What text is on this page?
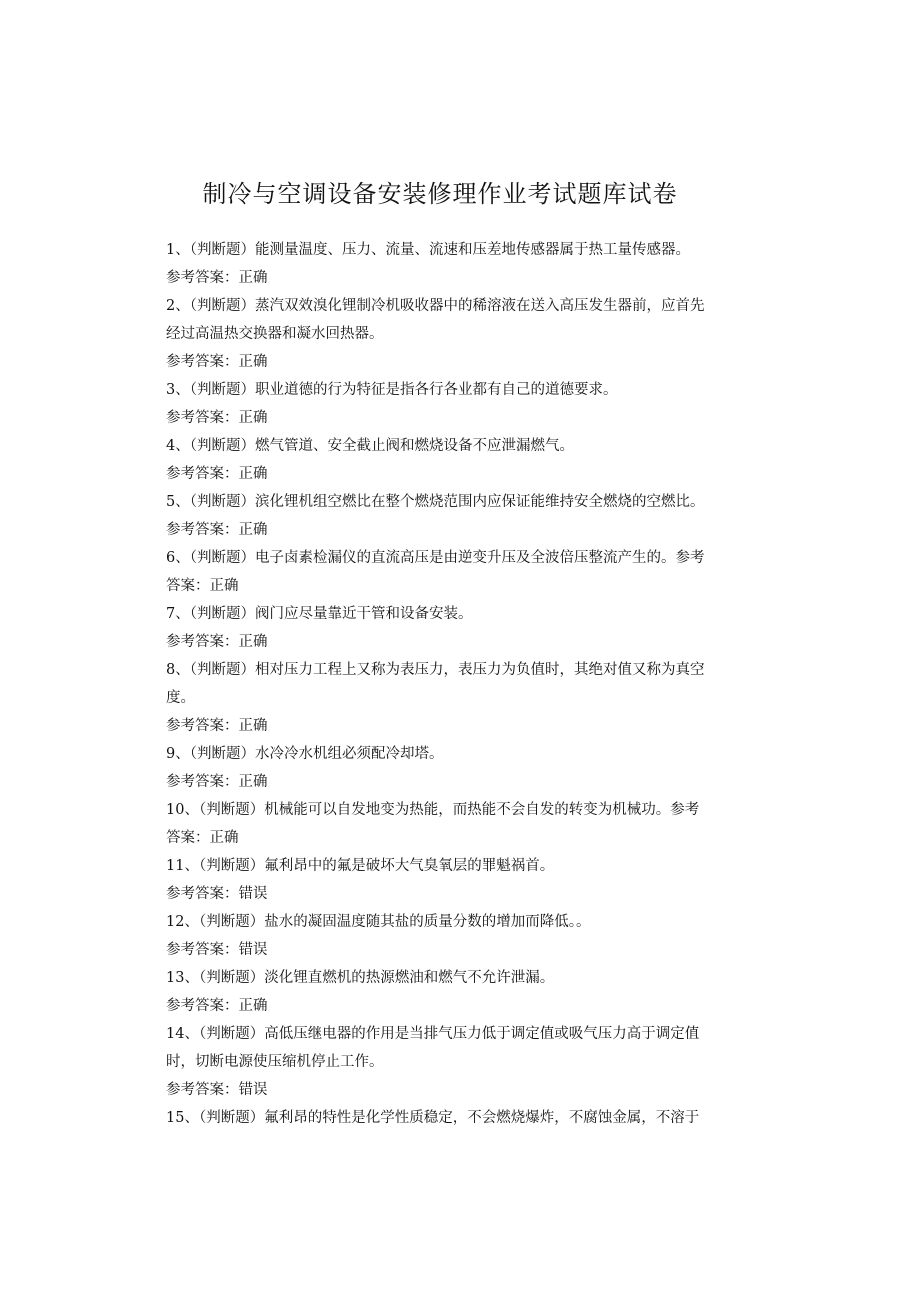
制冷与空调设备安装修理作业考试题库试卷

1、（判断题）能测量温度、压力、流量、流速和压差地传感器属于热工量传感器。

参考答案：正确

2、（判断题）蒸汽双效溴化锂制冷机吸收器中的稀溶液在送入高压发生器前，应首先

经过高温热交换器和凝水回热器。

参考答案：正确

3、（判断题）职业道德的行为特征是指各行各业都有自己的道德要求。

参考答案：正确

4、（判断题）燃气管道、安全截止阀和燃烧设备不应泄漏燃气。

参考答案：正确

5、（判断题）滨化锂机组空燃比在整个燃烧范围内应保证能维持安全燃烧的空燃比。

参考答案：正确

6、（判断题）电子卤素检漏仪的直流高压是由逆变升压及全波倍压整流产生的。参考

答案：正确

7、（判断题）阀门应尽量靠近干管和设备安装。

参考答案：正确

8、（判断题）相对压力工程上又称为表压力，表压力为负值时，其绝对值又称为真空

度。

参考答案：正确

9、（判断题）水冷冷水机组必须配冷却塔。

参考答案：正确

10、（判断题）机械能可以自发地变为热能，而热能不会自发的转变为机械功。参考

答案：正确

11、（判断题）氟利昂中的氟是破坏大气臭氧层的罪魁祸首。

参考答案：错误

12、（判断题）盐水的凝固温度随其盐的质量分数的增加而降低。。

参考答案：错误

13、（判断题）淡化锂直燃机的热源燃油和燃气不允许泄漏。

参考答案：正确

14、（判断题）高低压继电器的作用是当排气压力低于调定值或吸气压力高于调定值

时，切断电源使压缩机停止工作。

参考答案：错误

15、（判断题）氟利昂的特性是化学性质稳定，不会燃烧爆炸，不腐蚀金属，不溶于
